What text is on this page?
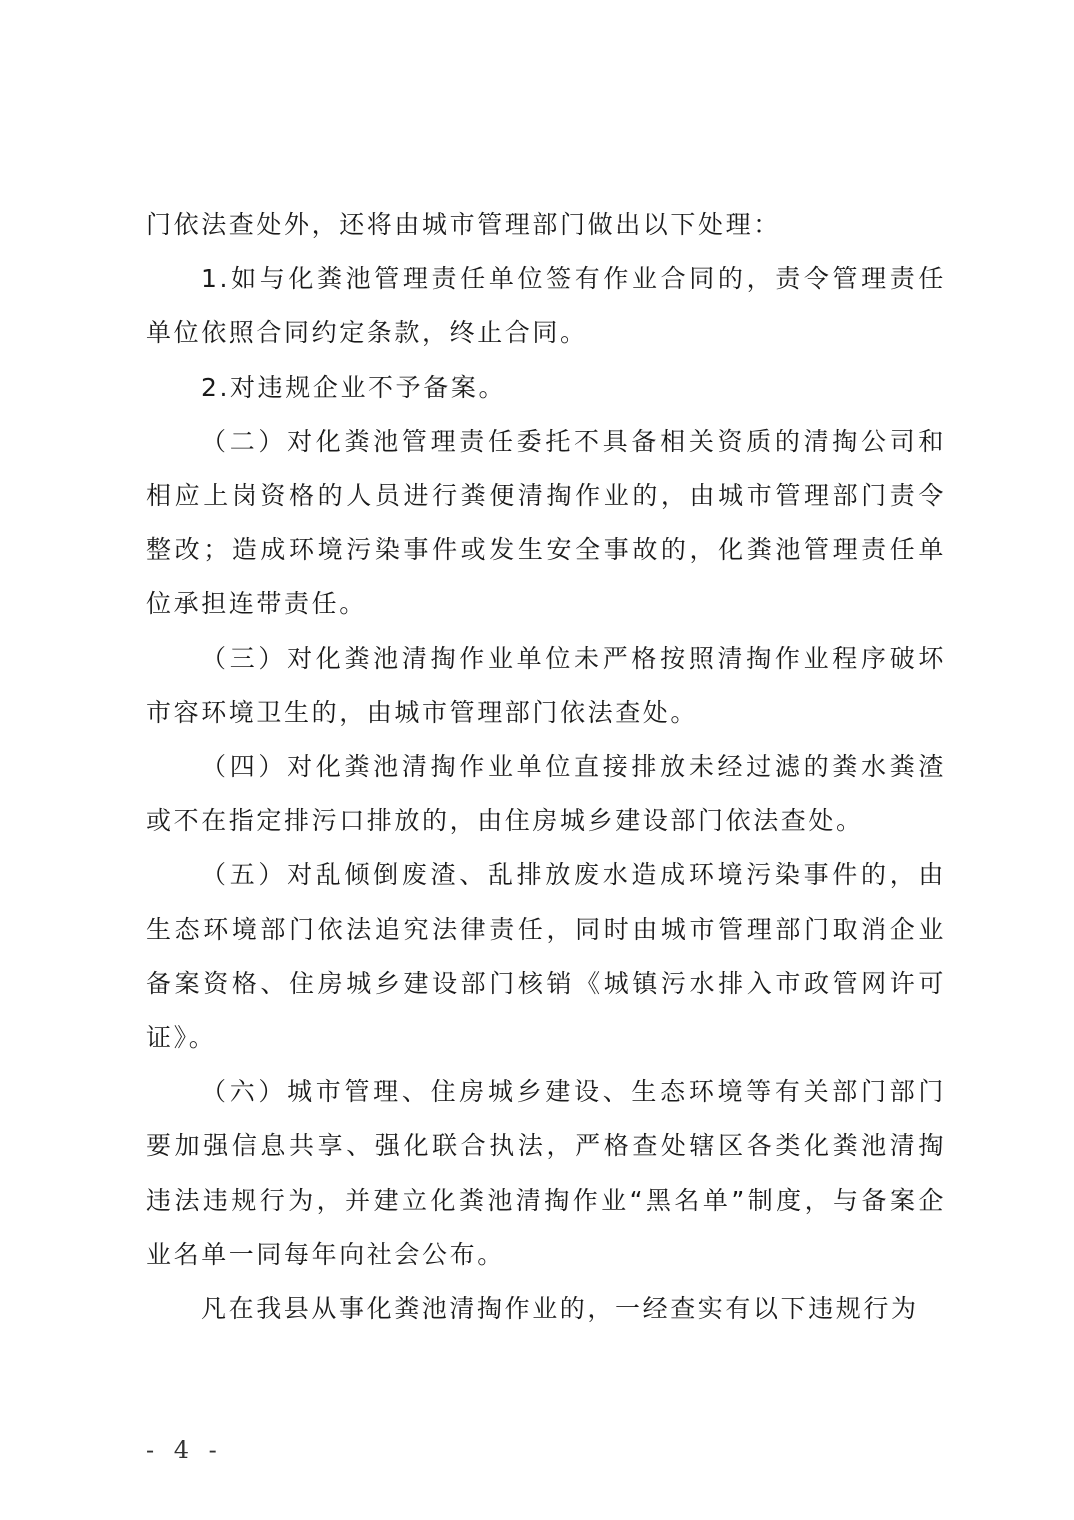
门依法查处外，还将由城市管理部门做出以下处理：

1.如与化粪池管理责任单位签有作业合同的，责令管理责任单位依照合同约定条款，终止合同。

2.对违规企业不予备案。

（二）对化粪池管理责任委托不具备相关资质的清掏公司和相应上岗资格的人员进行粪便清掏作业的，由城市管理部门责令整改；造成环境污染事件或发生安全事故的，化粪池管理责任单位承担连带责任。

（三）对化粪池清掏作业单位未严格按照清掏作业程序破坏市容环境卫生的，由城市管理部门依法查处。

（四）对化粪池清掏作业单位直接排放未经过滤的粪水粪渣或不在指定排污口排放的，由住房城乡建设部门依法查处。

（五）对乱倾倒废渣、乱排放废水造成环境污染事件的，由生态环境部门依法追究法律责任，同时由城市管理部门取消企业备案资格、住房城乡建设部门核销《城镇污水排入市政管网许可证》。

（六）城市管理、住房城乡建设、生态环境等有关部门部门要加强信息共享、强化联合执法，严格查处辖区各类化粪池清掏违法违规行为，并建立化粪池清掏作业“黑名单”制度，与备案企业名单一同每年向社会公布。

凡在我县从事化粪池清掏作业的，一经查实有以下违规行为

- 4 -
